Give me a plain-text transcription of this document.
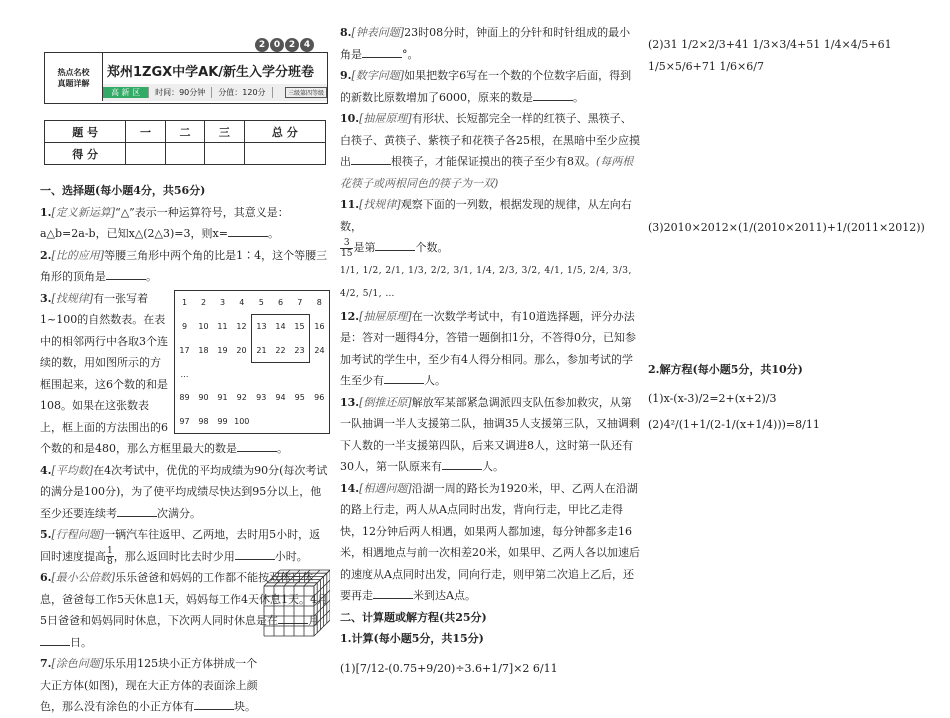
2 0 2 4
热点名校
真题详解
郑州1ZGX中学AK/新生入学分班卷
高 新 区	时间：90分钟	分值：120分	三级第四等级
题 号	一	二	三	总 分
得 分				

一、选择题(每小题4分，共56分)

1.[定义新运算]“△”表示一种运算符号，其意义是：a△b=2a-b，已知x△(2△3)=3，则x=	。
2.[比的应用]等腰三角形中两个角的比是1∶4，这个等腰三角形的顶角是	。
1	2	3	4	5	6	7	8
9	10	11	12	13	14	15	16
17	18	19	20	21	22	23	24
…							
89	90	91	92	93	94	95	96
97	98	99	100				
3.[找规律]有一张写着1~100的自然数表。在表中的相邻两行中各取3个连续的数，用如图所示的方框围起来，这6个数的和是108。如果在这张数表上，框上面的方法围出的6个数的和是480，那么方框里最大的数是	。
4.[平均数]在4次考试中，优优的平均成绩为90分(每次考试的满分是100分)，为了使平均成绩尽快达到95分以上，他至少还要连续考	次满分。
5.[行程问题]一辆汽车往返甲、乙两地，去时用5小时，返回时速度提高 $\frac{1}{8}$ ，那么返回时比去时少用	小时。
6.[最小公倍数]乐乐爸爸和妈妈的工作都不能按双休日休息，爸爸每工作5天休息1天，妈妈每工作4天休息1天。4月5日爸爸和妈妈同时休息，下次两人同时休息是在	月日。
7.[涂色问题]乐乐用125块小正方体拼成一个大正方体(如图)，现在大正方体的表面涂上颜色，那么没有涂色的小正方体有	块。
8.[钟表问题]23时08分时，钟面上的分针和时针组成的最小角是	°。
9.[数字问题]如果把数字6写在一个数的个位数字后面，得到的新数比原数增加了6000，原来的数是	。
10.[抽屉原理]有形状、长短都完全一样的红筷子、黑筷子、白筷子、黄筷子、紫筷子和花筷子各25根，在黑暗中至少应摸出	根筷子，才能保证摸出的筷子至少有8双。(每两根花筷子或两根同色的筷子为一双)
11.[找规律]观察下面的一列数，根据发现的规律，从左向右数，

$\frac{3}{15}$ 是第	个数。
1/1, 1/2, 2/1, 1/3, 2/2, 3/1, 1/4, 2/3, 3/2, 4/1, 1/5, 2/4, 3/3, 4/2, 5/1, …
12.[抽屉原理]在一次数学考试中，有10道选择题，评分办法是：答对一题得4分，答错一题倒扣1分，不答得0分，已知参加考试的学生中，至少有4人得分相同。那么，参加考试的学生至少有	人。
13.[倒推还原]解放军某部紧急调派四支队伍参加救灾，从第一队抽调一半人支援第二队，抽调35人支援第三队，又抽调剩下人数的一半支援第四队，后来又调进8人，这时第一队还有30人，第一队原来有	人。
14.[相遇问题]沿湖一周的路长为1920米，甲、乙两人在沿湖的路上行走，两人从A点同时出发，背向行走，甲比乙走得快，12分钟后两人相遇，如果两人都加速，每分钟都多走16米，相遇地点与前一次相差20米，如果甲、乙两人各以加速后的速度从A点同时出发，同向行走，则甲第二次追上乙后，还要再走	米到达A点。

二、计算题或解方程(共25分)

1.计算(每小题5分，共15分)

(1)[7/12-(0.75+9/20)÷3.6+1/7]×2 6/11

(2)31 1/2×2/3+41 1/3×3/4+51 1/4×4/5+61 1/5×5/6+71 1/6×6/7

(3)2010×2012×(1/(2010×2011)+1/(2011×2012))

2.解方程(每小题5分，共10分)

(1)x-(x-3)/2=2+(x+2)/3

(2)4²/(1+1/(2-1/(x+1/4)))=8/11
